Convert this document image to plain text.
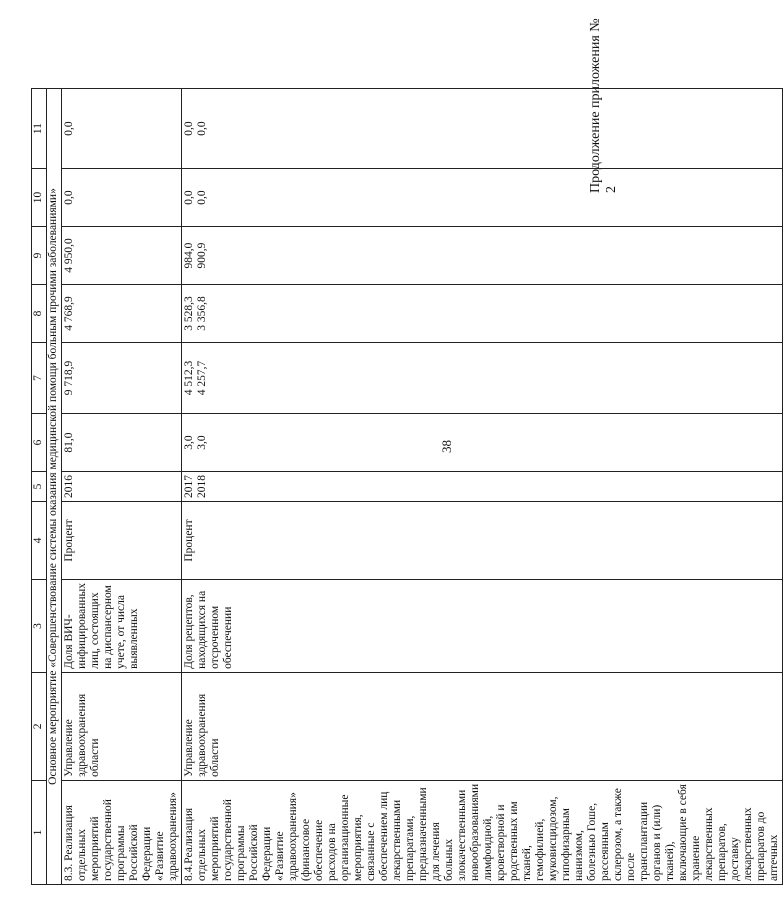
38
Продолжение приложения № 2
1	2	3	4	5	6	7	8	9	10	11
Основное мероприятие «Совершенствование системы оказания медицинской помощи больным прочими заболеваниями»										
8.3. Реализация отдельных мероприятий государственной программы Российской Федерации «Развитие здравоохранения»	Управление здравоохранения области	Доля ВИЧ-инфицированных лиц, состоящих на диспансерном учете, от числа выявленных	Процент	2016	81,0	9 718,9	4 768,9	4 950,0	0,0	0,0
8.4.Реализация отдельных мероприятий государственной программы Российской Федерации «Развитие здравоохранения» (финансовое обеспечение расходов на организационные мероприятия, связанные с обеспечением лиц лекарственными препаратами, предназначенными для лечения больных злокачественными новообразованиями лимфоидной, кроветворной и родственных им тканей, гемофилией, муковисцидозом, гипофизарным нанизмом, болезнью Гоше, рассеянным склерозом, а также после трансплантации органов и (или) тканей), включающие в себя хранение лекарственных препаратов, доставку лекарственных препаратов до аптечных	Управление здравоохранения области	Доля рецептов, находящихся на отсроченном обеспечении	Процент	2017 2018	3,0 3,0	4 512,3 4 257,7	3 528,3 3 356,8	984,0 900,9	0,0 0,0	0,0 0,0
